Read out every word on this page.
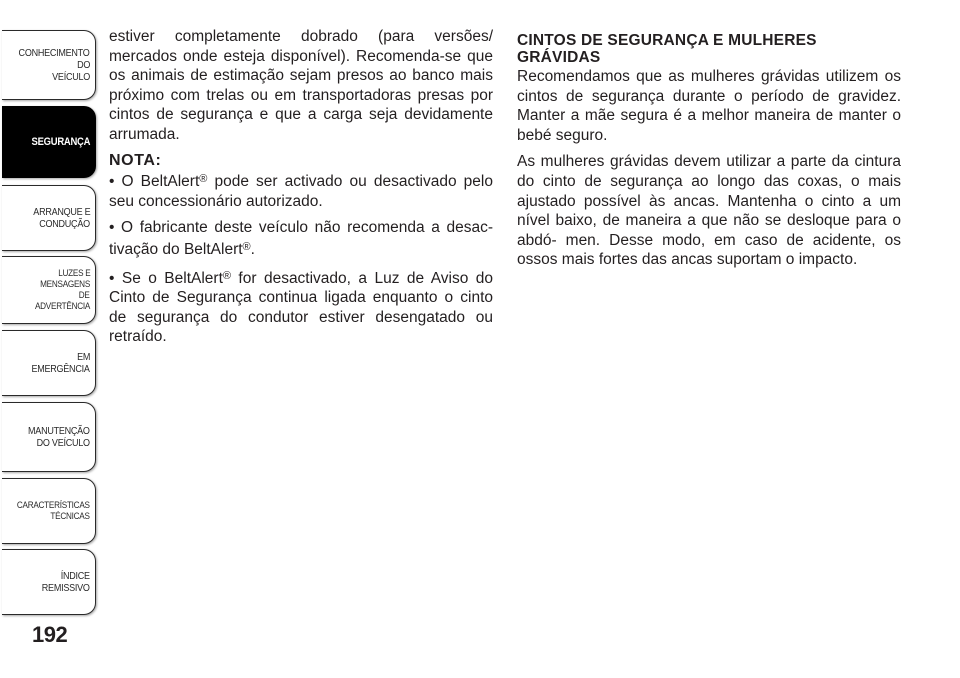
CONHECIMENTO
DO
VEÍCULO
SEGURANÇA
ARRANQUE E
CONDUÇÃO
LUZES E
MENSAGENS
DE
ADVERTÊNCIA
EM
EMERGÊNCIA
MANUTENÇÃO
DO VEÍCULO
CARACTERÍSTICAS
TÉCNICAS
ÍNDICE
REMISSIVO
192

estiver completamente dobrado (para versões/ mercados onde esteja disponível). Recomenda-se que os animais de estimação sejam presos ao banco mais próximo com trelas ou em transportadoras presas por cintos de segurança e que a carga seja devidamente arrumada.

NOTA:

• O BeltAlert® pode ser activado ou desactivado pelo seu concessionário autorizado.

• O fabricante deste veículo não recomenda a desac- tivação do BeltAlert®.

• Se o BeltAlert® for desactivado, a Luz de Aviso do Cinto de Segurança continua ligada enquanto o cinto de segurança do condutor estiver desengatado ou retraído.

CINTOS DE SEGURANÇA E MULHERES GRÁVIDAS

Recomendamos que as mulheres grávidas utilizem os cintos de segurança durante o período de gravidez. Manter a mãe segura é a melhor maneira de manter o bebé seguro.

As mulheres grávidas devem utilizar a parte da cintura do cinto de segurança ao longo das coxas, o mais ajustado possível às ancas. Mantenha o cinto a um nível baixo, de maneira a que não se desloque para o abdó- men. Desse modo, em caso de acidente, os ossos mais fortes das ancas suportam o impacto.
